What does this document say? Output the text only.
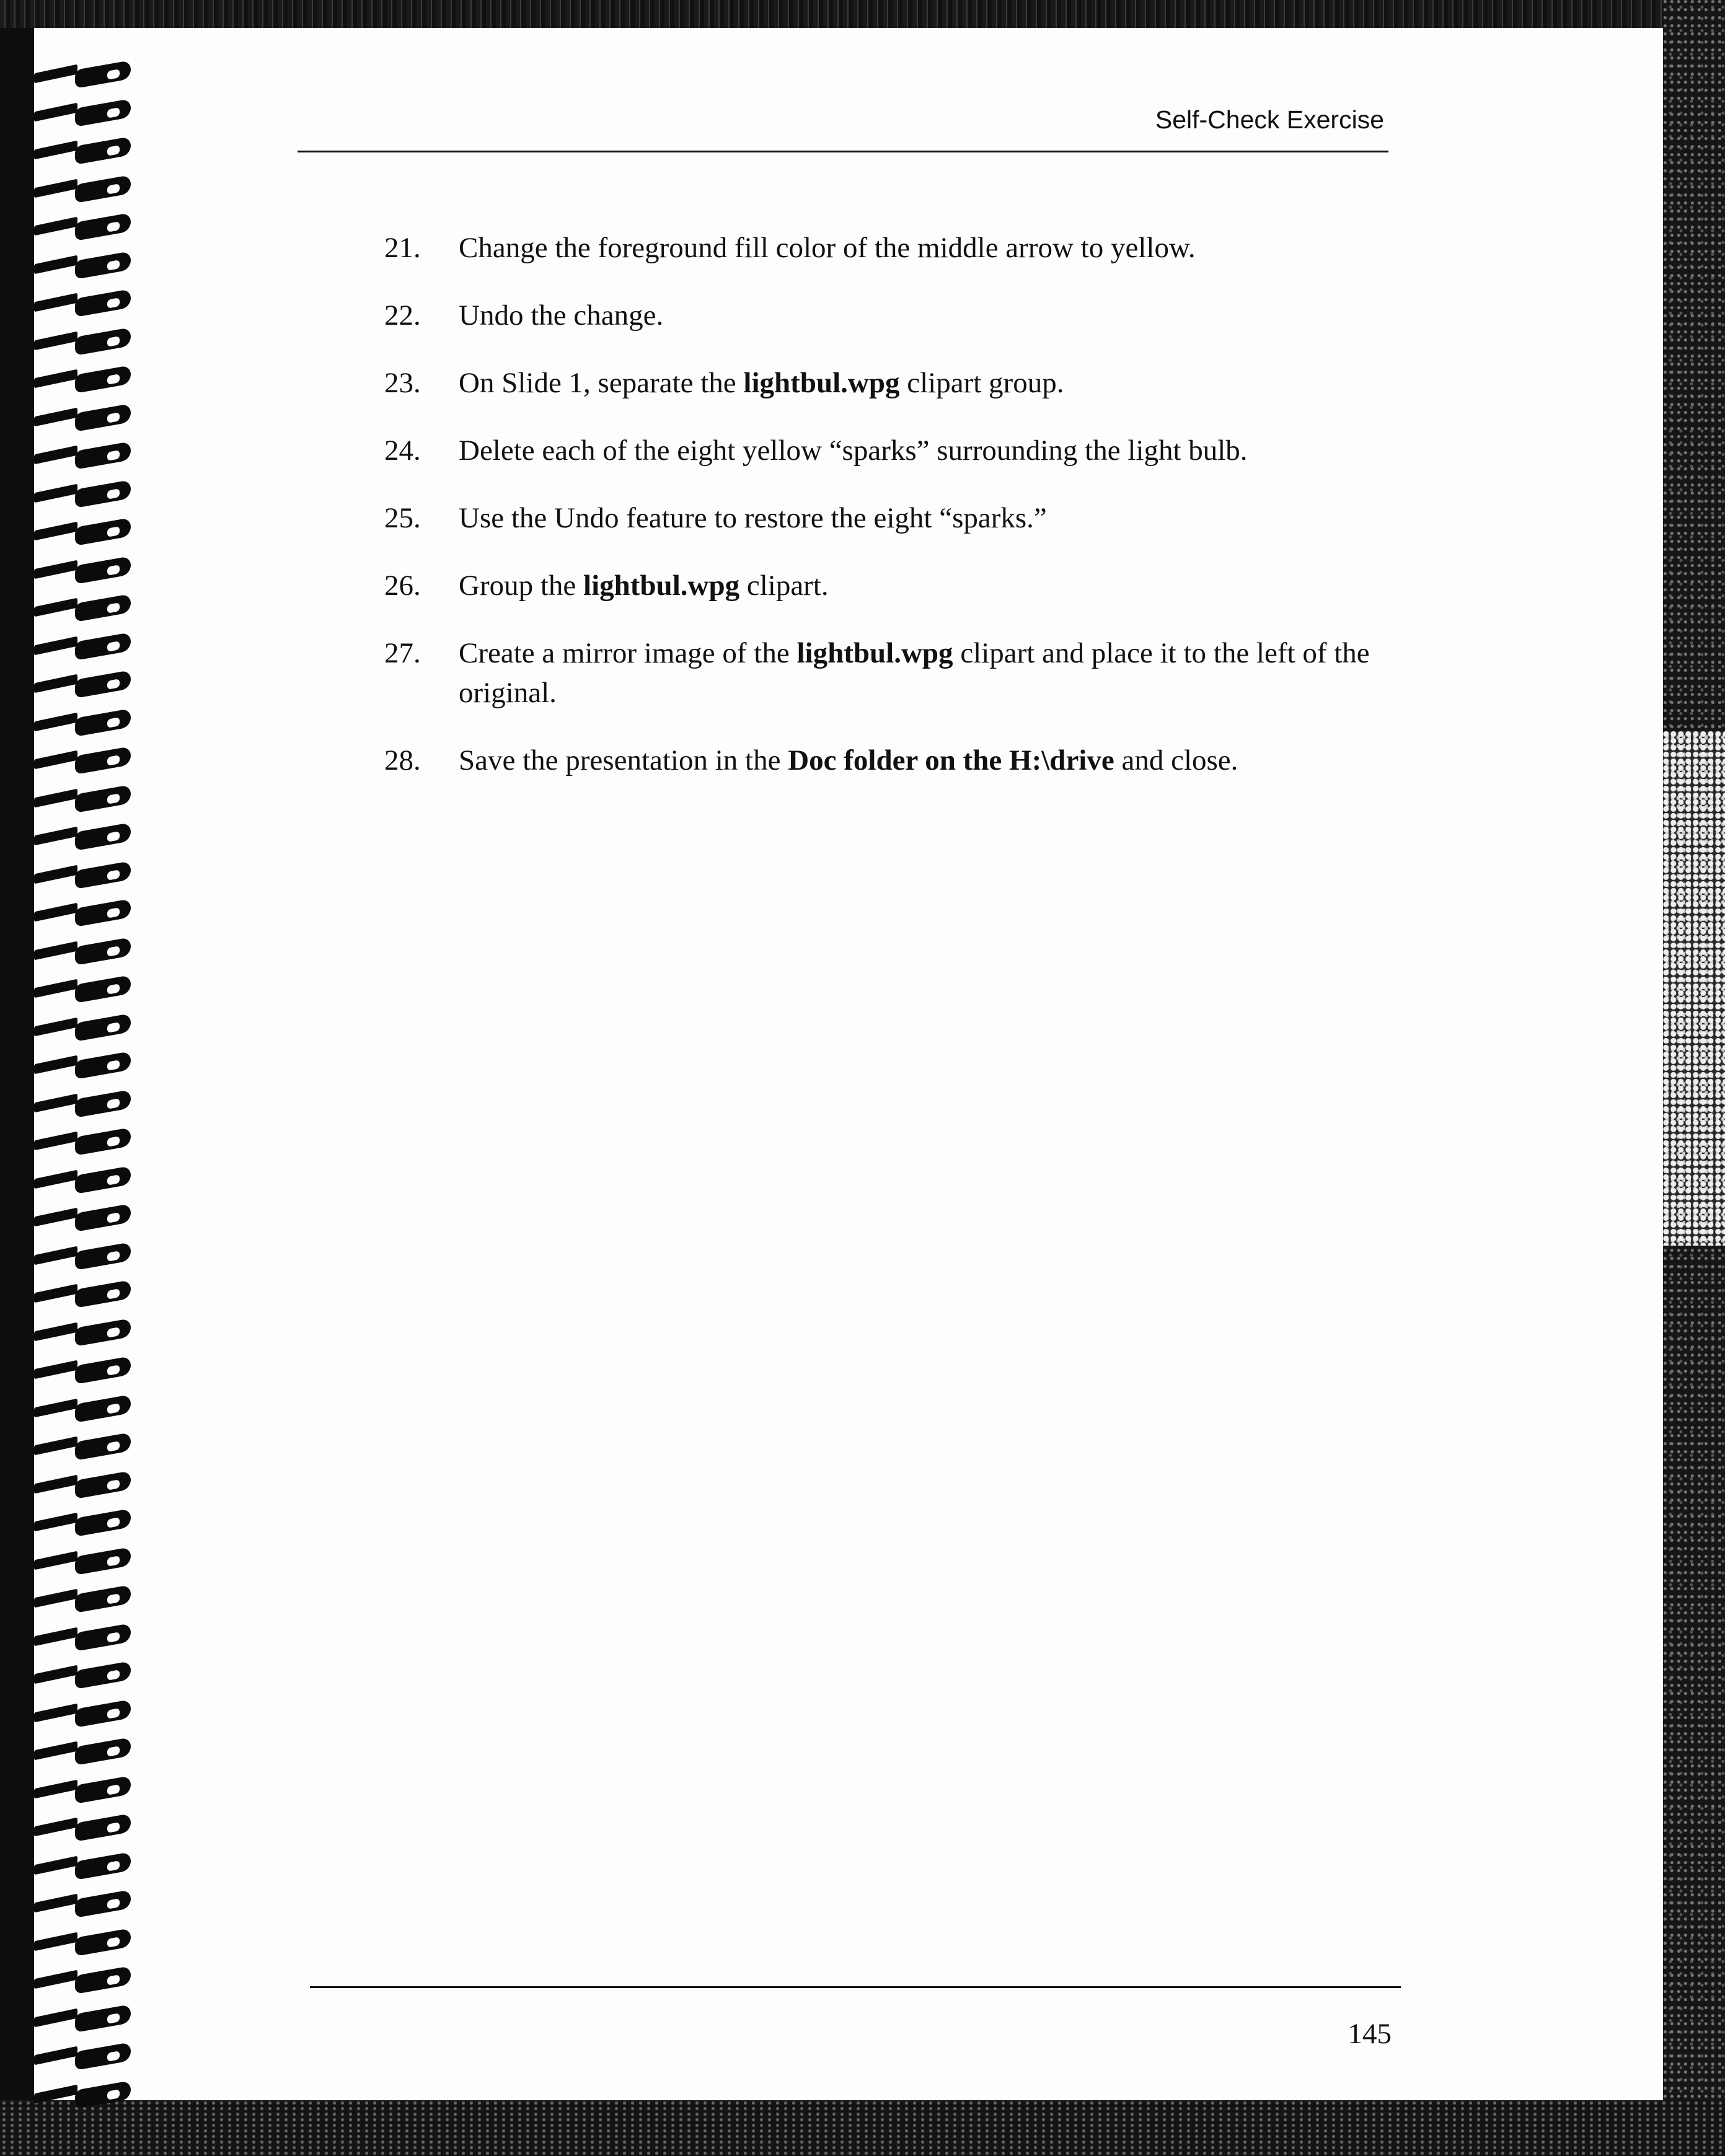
Self-Check Exercise
21.	Change the foreground fill color of the middle arrow to yellow.
22.	Undo the change.
23.	On Slide 1, separate the lightbul.wpg clipart group.
24.	Delete each of the eight yellow “sparks” surrounding the light bulb.
25.	Use the Undo feature to restore the eight “sparks.”
26.	Group the lightbul.wpg clipart.
27.	Create a mirror image of the lightbul.wpg clipart and place it to the left of the original.
28.	Save the presentation in the Doc folder on the H:\drive and close.
145
